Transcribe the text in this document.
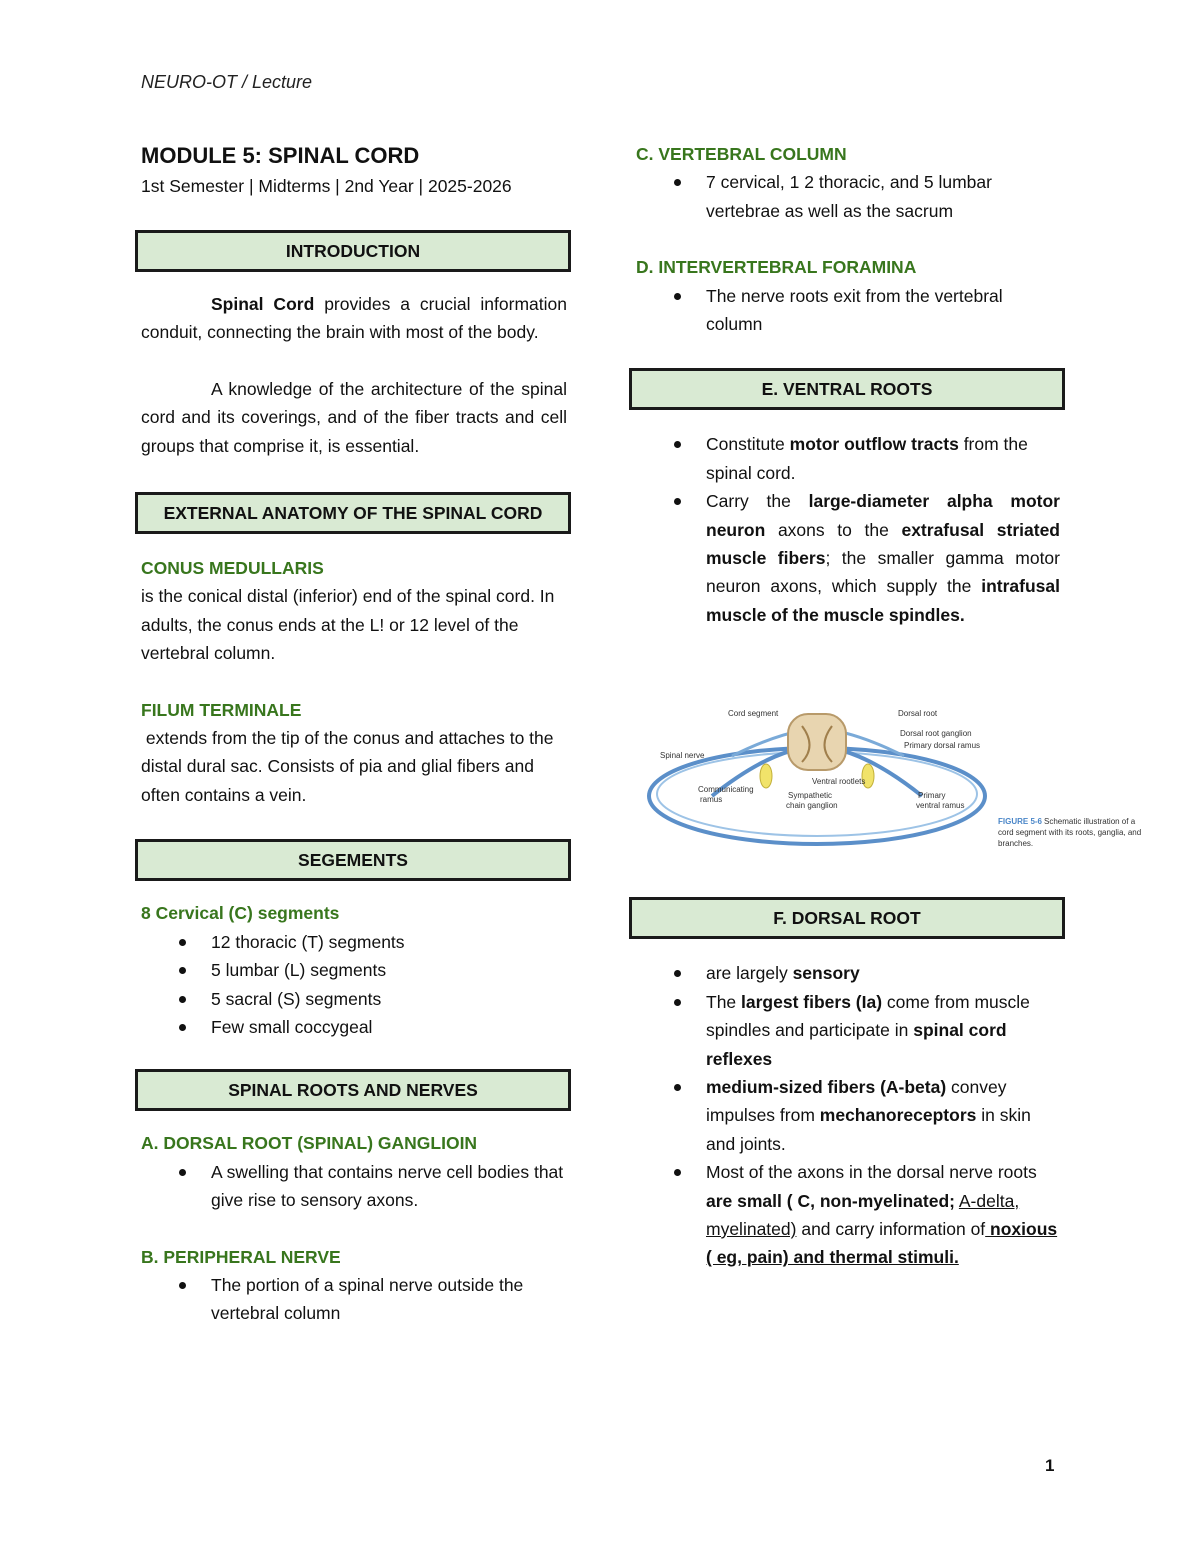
NEURO-OT / Lecture
MODULE 5: SPINAL CORD
1st Semester | Midterms | 2nd Year | 2025-2026
INTRODUCTION

Spinal Cord provides a crucial information conduit, connecting the brain with most of the body.

A knowledge of the architecture of the spinal cord and its coverings, and of the fiber tracts and cell groups that comprise it, is essential.

EXTERNAL ANATOMY OF THE SPINAL CORD
CONUS MEDULLARIS

is the conical distal (inferior) end of the spinal cord. In adults, the conus ends at the L! or 12 level of the vertebral column.

FILUM TERMINALE

extends from the tip of the conus and attaches to the distal dural sac. Consists of pia and glial fibers and often contains a vein.

SEGEMENTS
8 Cervical (C) segments
12 thoracic (T) segments
5 lumbar (L) segments
5 sacral (S) segments
Few small coccygeal
SPINAL ROOTS AND NERVES
A. DORSAL ROOT (SPINAL) GANGLIOIN
A swelling that contains nerve cell bodies that give rise to sensory axons.
B. PERIPHERAL NERVE
The portion of a spinal nerve outside the vertebral column
C. VERTEBRAL COLUMN
7 cervical, 1 2 thoracic, and 5 lumbar vertebrae as well as the sacrum
D. INTERVERTEBRAL FORAMINA
The nerve roots exit from the vertebral column
E. VENTRAL ROOTS
Constitute motor outflow tracts from the spinal cord.
Carry the large-diameter alpha motor neuron axons to the extrafusal striated muscle fibers; the smaller gamma motor neuron axons, which supply the intrafusal muscle of the muscle spindles.
F. DORSAL ROOT
are largely sensory
The largest fibers (Ia) come from muscle spindles and participate in spinal cord reflexes
medium-sized fibers (A-beta) convey impulses from mechanoreceptors in skin and joints.
Most of the axons in the dorsal nerve roots are small ( C, non-myelinated; A-delta, myelinated) and carry information of noxious ( eg, pain) and thermal stimuli.
Cord segment	Dorsal root
Dorsal root ganglion
Primary dorsal ramus
Spinal nerve
Ventral rootlets
Communicating
ramus	Sympathetic
chain ganglion
Primary
ventral ramus
FIGURE 5-6 Schematic illustration of a
cord segment with its roots, ganglia, and
branches.
1
